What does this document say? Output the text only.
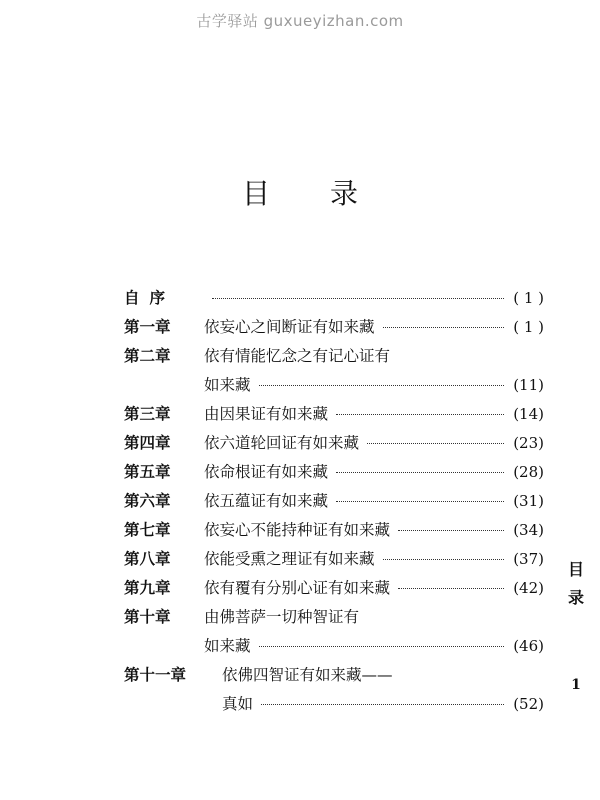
古学驿站 guxueyizhan.com
目录
自序	( 1 )
第一章	依妄心之间断证有如来藏	( 1 )
第二章	依有情能忆念之有记心证有
如来藏	(11)
第三章	由因果证有如来藏	(14)
第四章	依六道轮回证有如来藏	(23)
第五章	依命根证有如来藏	(28)
第六章	依五蕴证有如来藏	(31)
第七章	依妄心不能持种证有如来藏	(34)
第八章	依能受熏之理证有如来藏	(37)
第九章	依有覆有分别心证有如来藏	(42)
第十章	由佛菩萨一切种智证有
如来藏	(46)
第十一章	依佛四智证有如来藏——
真如	(52)
目
录
1
